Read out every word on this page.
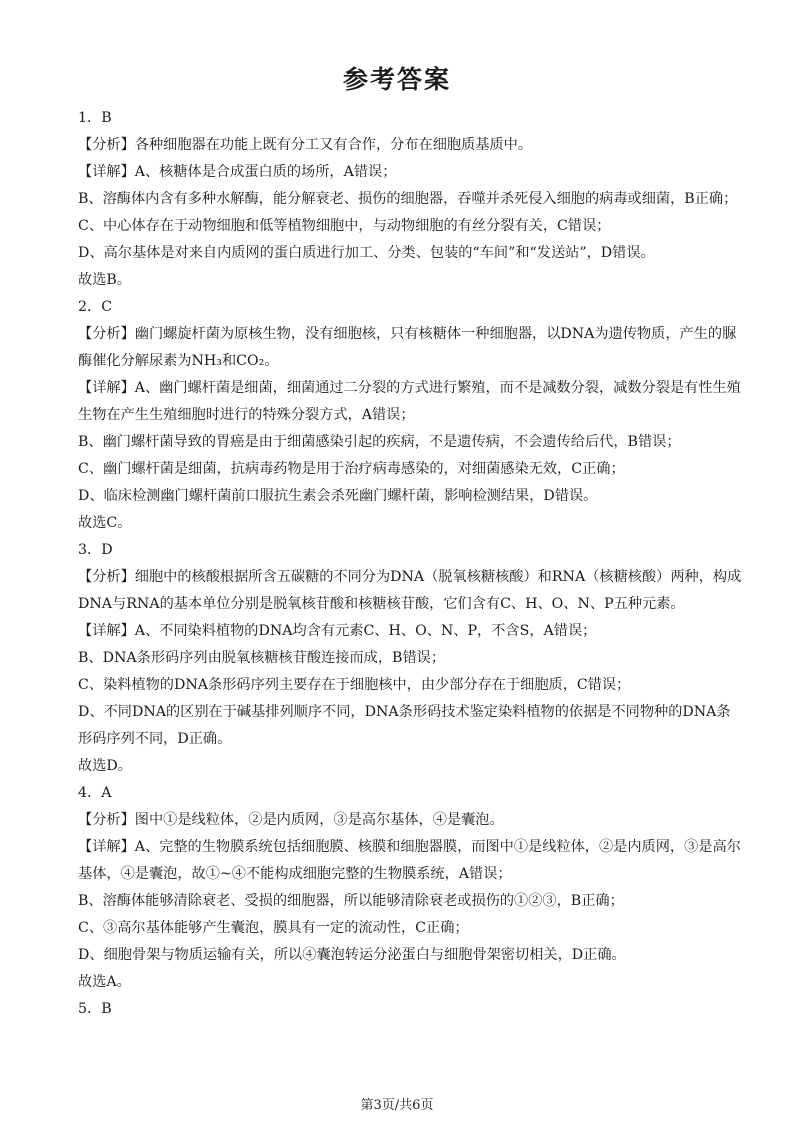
参考答案
1．B
【分析】各种细胞器在功能上既有分工又有合作，分布在细胞质基质中。
【详解】A、核糖体是合成蛋白质的场所，A错误；
B、溶酶体内含有多种水解酶，能分解衰老、损伤的细胞器，吞噬并杀死侵入细胞的病毒或细菌，B正确；
C、中心体存在于动物细胞和低等植物细胞中，与动物细胞的有丝分裂有关，C错误；
D、高尔基体是对来自内质网的蛋白质进行加工、分类、包装的“车间”和“发送站”，D错误。
故选B。
2．C
【分析】幽门螺旋杆菌为原核生物，没有细胞核，只有核糖体一种细胞器，以DNA为遗传物质，产生的脲
酶催化分解尿素为NH₃和CO₂。
【详解】A、幽门螺杆菌是细菌，细菌通过二分裂的方式进行繁殖，而不是减数分裂，减数分裂是有性生殖
生物在产生生殖细胞时进行的特殊分裂方式，A错误；
B、幽门螺杆菌导致的胃癌是由于细菌感染引起的疾病，不是遗传病，不会遗传给后代，B错误；
C、幽门螺杆菌是细菌，抗病毒药物是用于治疗病毒感染的，对细菌感染无效，C正确；
D、临床检测幽门螺杆菌前口服抗生素会杀死幽门螺杆菌，影响检测结果，D错误。
故选C。
3．D
【分析】细胞中的核酸根据所含五碳糖的不同分为DNA（脱氧核糖核酸）和RNA（核糖核酸）两种，构成
DNA与RNA的基本单位分别是脱氧核苷酸和核糖核苷酸，它们含有C、H、O、N、P五种元素。
【详解】A、不同染料植物的DNA均含有元素C、H、O、N、P，不含S，A错误；
B、DNA条形码序列由脱氧核糖核苷酸连接而成，B错误；
C、染料植物的DNA条形码序列主要存在于细胞核中，由少部分存在于细胞质，C错误；
D、不同DNA的区别在于碱基排列顺序不同，DNA条形码技术鉴定染料植物的依据是不同物种的DNA条
形码序列不同，D正确。
故选D。
4．A
【分析】图中①是线粒体，②是内质网，③是高尔基体，④是囊泡。
【详解】A、完整的生物膜系统包括细胞膜、核膜和细胞器膜，而图中①是线粒体，②是内质网，③是高尔
基体，④是囊泡，故①~④不能构成细胞完整的生物膜系统，A错误；
B、溶酶体能够清除衰老、受损的细胞器，所以能够清除衰老或损伤的①②③，B正确；
C、③高尔基体能够产生囊泡，膜具有一定的流动性，C正确；
D、细胞骨架与物质运输有关，所以④囊泡转运分泌蛋白与细胞骨架密切相关，D正确。
故选A。
5．B
第3页/共6页
